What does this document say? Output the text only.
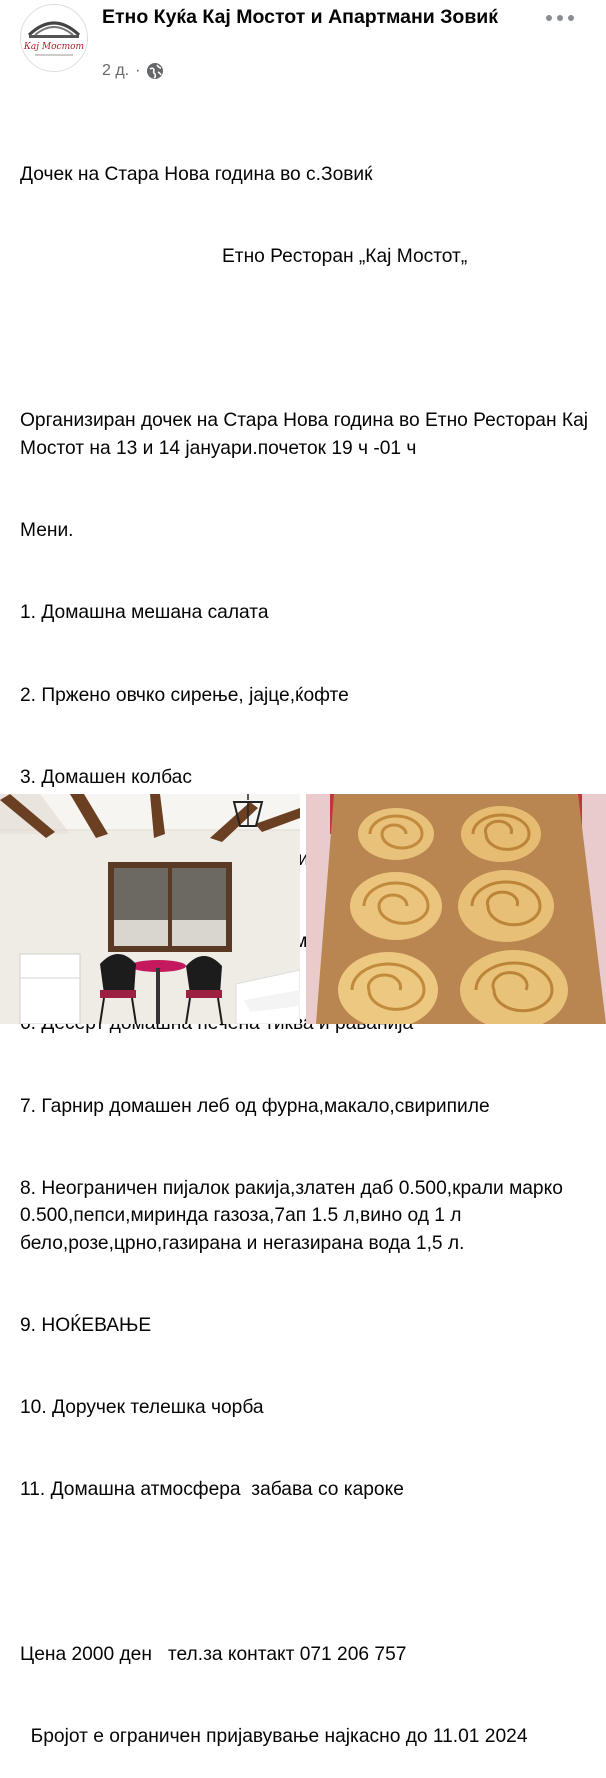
Кај Мостот
Етно Куќа Кај Мостот и Апартмани Зовиќ
2 д. ·

Дочек на Стара Нова година во с.Зовиќ

Етно Ресторан „Кај Мостот„

Организиран дочек на Стара Нова година во Етно Ресторан Кај Мостот на 13 и 14 јануари.почеток 19 ч -01 ч

Мени.

1. Домашна мешана салата

2. Пржено овчко сирење, јајце,ќофте

3. Домашен колбас

7. Гарнир домашен леб од фурна,макало,свирипиле

8. Неограничен пијалок ракија,златен даб 0.500,крали марко 0.500,пепси,миринда газоза,7ап 1.5 л,вино од 1 л бело,розе,црно,газирана и негазирана вода 1,5 л.

9. НОЌЕВАЊЕ

10. Доручек телешка чорба

11. Домашна атмосфера  забава со кароке

Цена 2000 ден   тел.за контакт 071 206 757

Бројот е ограничен пријавување најкасно до 11.01 2024
